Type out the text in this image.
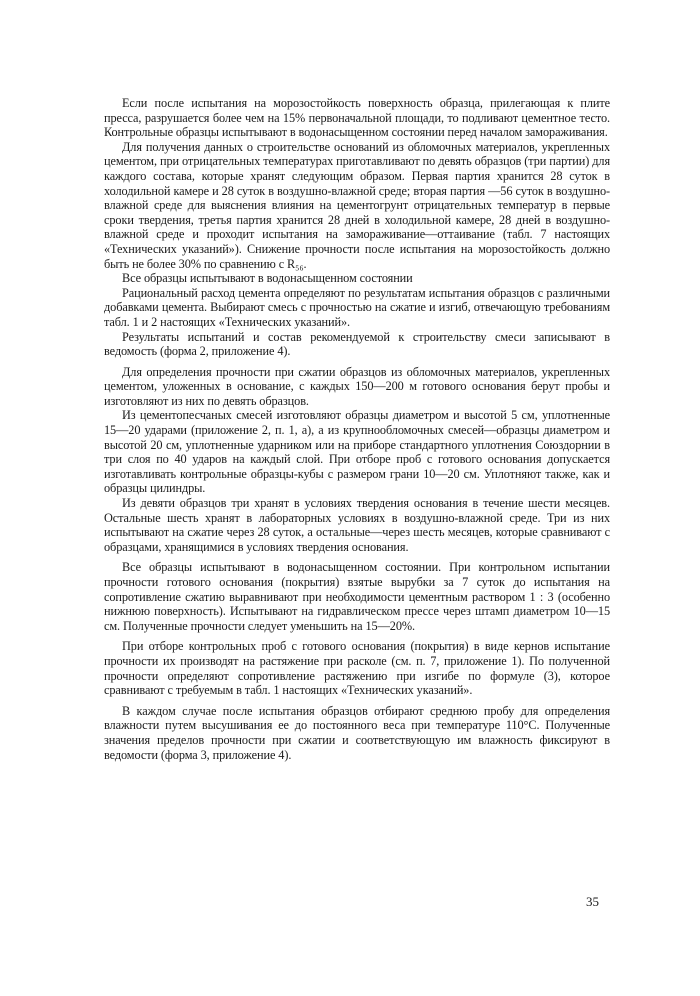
Если после испытания на морозостойкость поверхность образца, прилегающая к плите пресса, разрушается более чем на 15% первоначальной площади, то подливают цементное тесто. Контрольные образцы испытывают в водонасыщенном состоянии перед началом замораживания.

Для получения данных о строительстве оснований из обломочных материалов, укрепленных цементом, при отрицательных температурах приготавливают по девять образцов (три партии) для каждого состава, которые хранят следующим образом. Первая партия хранится 28 суток в холодильной камере и 28 суток в воздушно-влажной среде; вторая партия —56 суток в воздушно-влажной среде для выяснения влияния на цементогрунт отрицательных температур в первые сроки твердения, третья партия хранится 28 дней в холодильной камере, 28 дней в воздушно-влажной среде и проходит испытания на замораживание—оттаивание (табл. 7 настоящих «Технических указаний»). Снижение прочности после испытания на морозостойкость должно быть не более 30% по сравнению с R₅₆.

Все образцы испытывают в водонасыщенном состоянии

Рациональный расход цемента определяют по результатам испытания образцов с различными добавками цемента. Выбирают смесь с прочностью на сжатие и изгиб, отвечающую требованиям табл. 1 и 2 настоящих «Технических указаний».

Результаты испытаний и состав рекомендуемой к строительству смеси записывают в ведомость (форма 2, приложение 4).

Для определения прочности при сжатии образцов из обломочных материалов, укрепленных цементом, уложенных в основание, с каждых 150—200 м готового основания берут пробы и изготовляют из них по девять образцов.

Из цементопесчаных смесей изготовляют образцы диаметром и высотой 5 см, уплотненные 15—20 ударами (приложение 2, п. 1, а), а из крупнообломочных смесей—образцы диаметром и высотой 20 см, уплотненные ударником или на приборе стандартного уплотнения Союздорнии в три слоя по 40 ударов на каждый слой. При отборе проб с готового основания допускается изготавливать контрольные образцы-кубы с размером грани 10—20 см. Уплотняют также, как и образцы цилиндры.

Из девяти образцов три хранят в условиях твердения основания в течение шести месяцев. Остальные шесть хранят в лабораторных условиях в воздушно-влажной среде. Три из них испытывают на сжатие через 28 суток, а остальные—через шесть месяцев, которые сравнивают с образцами, хранящимися в условиях твердения основания.

Все образцы испытывают в водонасыщенном состоянии. При контрольном испытании прочности готового основания (покрытия) взятые вырубки за 7 суток до испытания на сопротивление сжатию выравнивают при необходимости цементным раствором 1 : 3 (особенно нижнюю поверхность). Испытывают на гидравлическом прессе через штамп диаметром 10—15 см. Полученные прочности следует уменьшить на 15—20%.

При отборе контрольных проб с готового основания (покрытия) в виде кернов испытание прочности их производят на растяжение при расколе (см. п. 7, приложение 1). По полученной прочности определяют сопротивление растяжению при изгибе по формуле (3), которое сравнивают с требуемым в табл. 1 настоящих «Технических указаний».

В каждом случае после испытания образцов отбирают среднюю пробу для определения влажности путем высушивания ее до постоянного веса при температуре 110°С. Полученные значения пределов прочности при сжатии и соответствующую им влажность фиксируют в ведомости (форма 3, приложение 4).

35
